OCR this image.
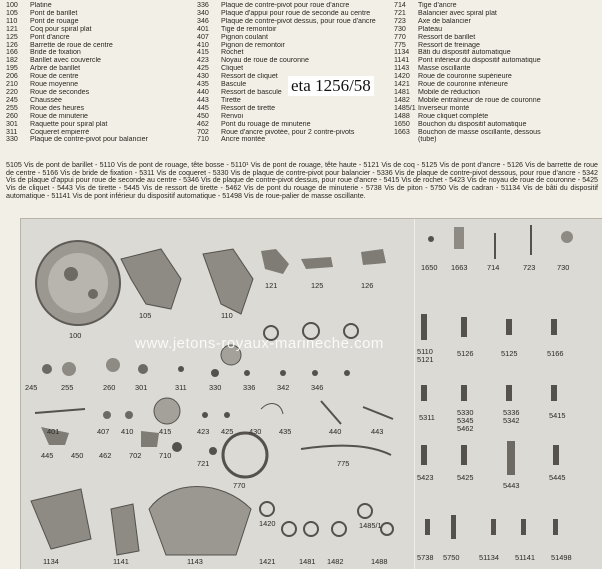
100 Platine
105 Pont de barillet
110 Pont de rouage
121 Coq pour spiral plat
125 Pont d'ancre
126 Barrette de roue de centre
166 Bride de fixation
182 Barillet avec couvercle
195 Arbre de barillet
206 Roue de centre
210 Roue moyenne
220 Roue de secondes
245 Chaussée
255 Roue des heures
260 Roue de minuterie
301 Raquette pour spiral plat
311 Coqueret empierré
330 Plaque de contre-pivot pour balancier
336 Plaque de contre-pivot pour roue d'ancre
340 Plaque d'appui pour roue de seconde au centre
346 Plaque de contre-pivot dessus, pour roue d'ancre
401 Tige de remontoir
407 Pignon coulant
410 Pignon de remontoir
415 Rochet
423 Noyau de roue de couronne
425 Cliquet
430 Ressort de cliquet
435 Bascule
440 Ressort de bascule
443 Tirette
445 Ressort de tirette
450 Renvoi
462 Pont du rouage de minuterie
702 Roue d'ancre pivotée, pour 2 contre-pivots
710 Ancre montée
714 Tige d'ancre
721 Balancier avec spiral plat
723 Axe de balancier
730 Plateau
770 Ressort de barillet
775 Ressort de freinage
1134 Bâti du dispositif automatique
1141 Pont inférieur du dispositif automatique
1143 Masse oscillante
1420 Roue de couronne supérieure
1421 Roue de couronne inférieure
1481 Mobile de réduction
1482 Mobile entraîneur de roue de couronne
1485/1 Inverseur monté
1488 Roue cliquet complète
1650 Bouchon du dispositif automatique
1663 Bouchon de masse oscillante, dessous
(tube)
eta 1256/58
5105 Vis de pont de barillet - 5110 Vis de pont de rouage, tête bosse - 5110¹ Vis de pont de rouage, tête haute - 5121 Vis de coq - 5125 Vis de pont d'ancre - 5126 Vis de barrette de roue de centre - 5166 Vis de bride de fixation - 5311 Vis de coqueret - 5330 Vis de plaque de contre-pivot pour balancier - 5336 Vis de plaque de contre-pivot dessous, pour roue d'ancre - 5342 Vis de plaque d'appui pour roue de seconde au centre - 5346 Vis de plaque de contre-pivot dessus, pour roue d'ancre - 5415 Vis de rochet - 5423 Vis de noyau de roue de couronne - 5425 Vis de cliquet - 5443 Vis de tirette - 5445 Vis de ressort de tirette - 5462 Vis de pont du rouage de minuterie - 5738 Vis de piton - 5750 Vis de cadran - 51134 Vis de bâti du dispositif automatique - 51141 Vis de pont inférieur du dispositif automatique - 51498 Vis de roue-palier de masse oscillante.
100
105	110
121	125	126
1650 1663	714	723	730
5110
5121
5126	5125	5166
245	255	260	301	311	330	336	342	346
5311
5330 5345 5462
5336 5342
5415
401	407 410	415	423 425 430 435	440	443
445 450 462 702 710
721
770
775
5423	5425
5443
5445
1134	1141	1143
1420
1421	1481 1482
1485/1
1488	5738 5750	51134 51141 51498
www.jetons-royaux-marineche.com
